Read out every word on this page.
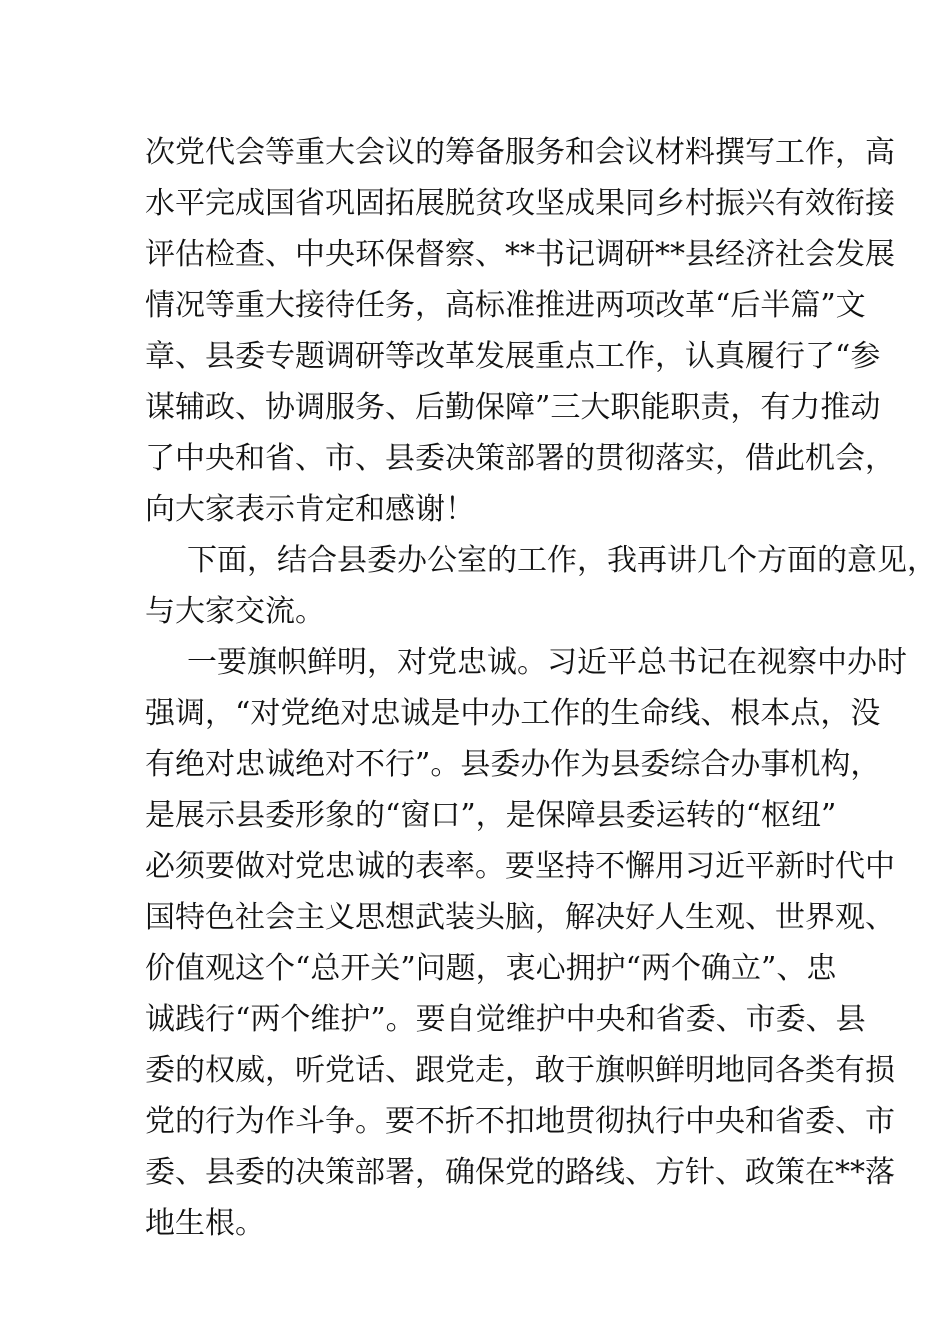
次党代会等重大会议的筹备服务和会议材料撰写工作，高
水平完成国省巩固拓展脱贫攻坚成果同乡村振兴有效衔接
评估检查、中央环保督察、**书记调研**县经济社会发展
情况等重大接待任务，高标准推进两项改革“后半篇”文
章、县委专题调研等改革发展重点工作，认真履行了“参
谋辅政、协调服务、后勤保障”三大职能职责，有力推动
了中央和省、市、县委决策部署的贯彻落实，借此机会，
向大家表示肯定和感谢！
下面，结合县委办公室的工作，我再讲几个方面的意见，
与大家交流。
一要旗帜鲜明，对党忠诚。习近平总书记在视察中办时
强调，“对党绝对忠诚是中办工作的生命线、根本点，没
有绝对忠诚绝对不行”。县委办作为县委综合办事机构，
是展示县委形象的“窗口”，是保障县委运转的“枢纽”
必须要做对党忠诚的表率。要坚持不懈用习近平新时代中
国特色社会主义思想武装头脑，解决好人生观、世界观、
价值观这个“总开关”问题，衷心拥护“两个确立”、忠
诚践行“两个维护”。要自觉维护中央和省委、市委、县
委的权威，听党话、跟党走，敢于旗帜鲜明地同各类有损
党的行为作斗争。要不折不扣地贯彻执行中央和省委、市
委、县委的决策部署，确保党的路线、方针、政策在**落
地生根。
